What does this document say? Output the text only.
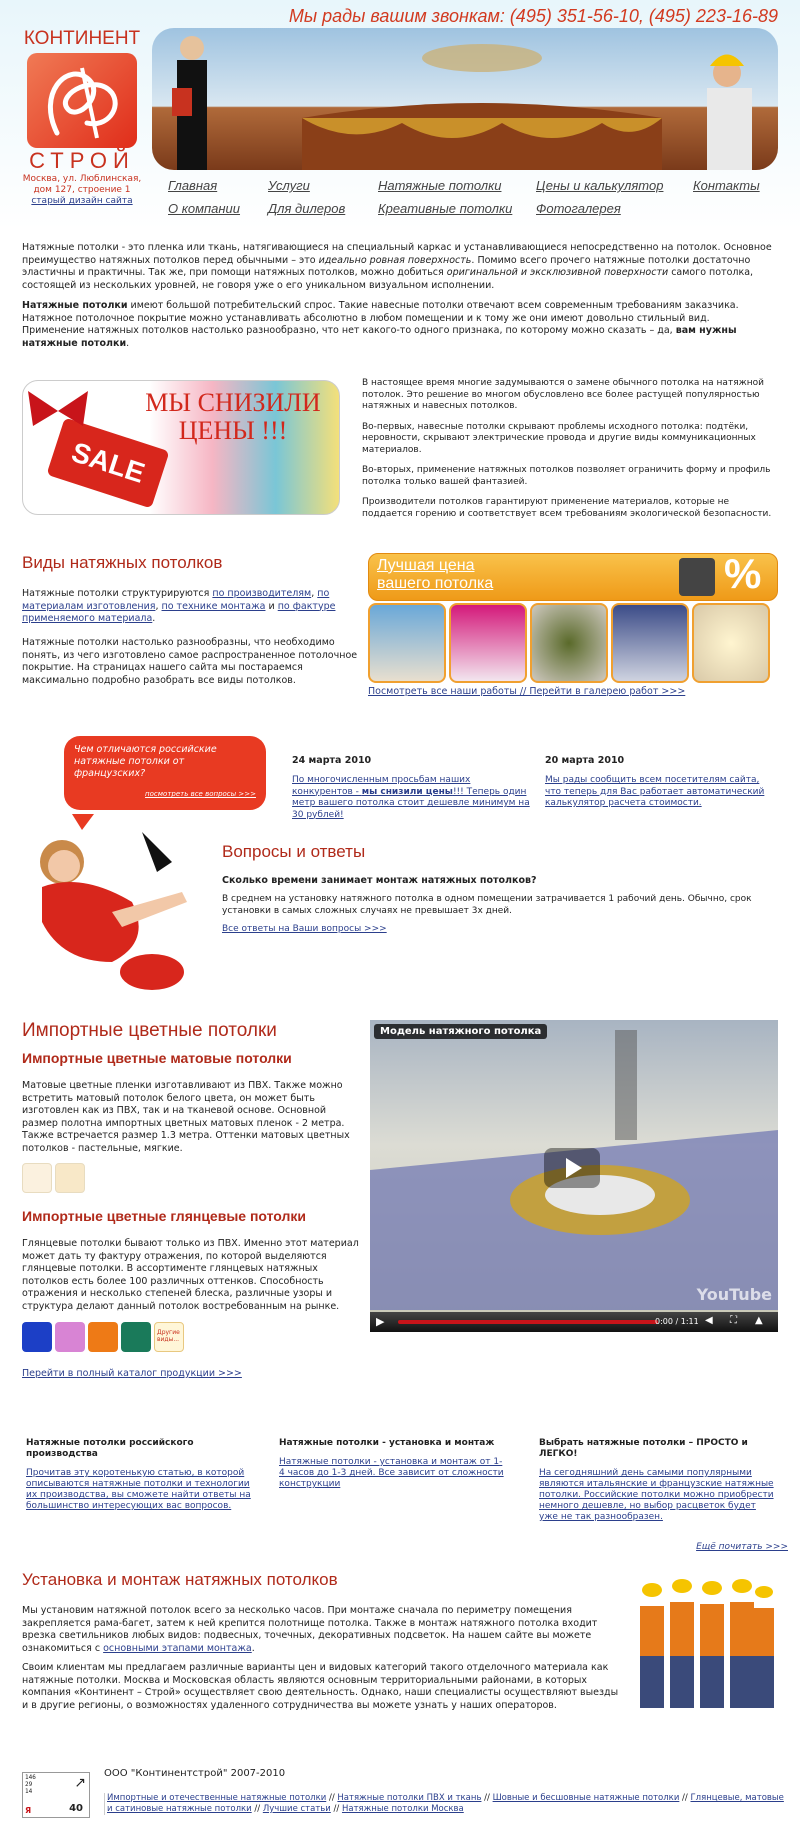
Мы рады вашим звонкам: (495) 351-56-10, (495) 223-16-89
КОНТИНЕНТ
СТРОЙ
Москва, ул. Люблинская,
дом 127, строение 1
старый дизайн сайта
Главная	Услуги	Натяжные потолки	Цены и калькулятор Контакты
О компании Для дилеров	Креативные потолки Фотогалерея
Натяжные потолки - это пленка или ткань, натягивающиеся на специальный каркас и устанавливающиеся непосредственно на потолок. Основное преимущество натяжных потолков перед обычными – это идеально ровная поверхность. Помимо всего прочего натяжные потолки достаточно эластичны и практичны. Так же, при помощи натяжных потолков, можно добиться оригинальной и эксклюзивной поверхности самого потолка, состоящей из нескольких уровней, не говоря уже о его уникальном визуальном исполнении.
Натяжные потолки имеют большой потребительский спрос. Такие навесные потолки отвечают всем современным требованиям заказчика. Натяжное потолочное покрытие можно устанавливать абсолютно в любом помещении и к тому же они имеют довольно стильный вид.
Применение натяжных потолков настолько разнообразно, что нет какого-то одного признака, по которому можно сказать – да, вам нужны натяжные потолки.
МЫ СНИЗИЛИ
ЦЕНЫ !!!
SALE

В настоящее время многие задумываются о замене обычного потолка на натяжной потолок. Это решение во многом обусловлено все более растущей популярностью натяжных и навесных потолков.

Во-первых, навесные потолки скрывают проблемы исходного потолка: подтёки, неровности, скрывают электрические провода и другие виды коммуникационных материалов.

Во-вторых, применение натяжных потолков позволяет ограничить форму и профиль потолка только вашей фантазией.

Производители потолков гарантируют применение материалов, которые не поддается горению и соответствует всем требованиям экологической безопасности.

Виды натяжных потолков
Натяжные потолки структурируются по производителям, по материалам изготовления, по технике монтажа и по фактуре применяемого материала.
Натяжные потолки настолько разнообразны, что необходимо понять, из чего изготовлено самое распространенное потолочное покрытие. На страницах нашего сайта мы постараемся максимально подробно разобрать все виды потолков.
Лучшая цена
вашего потолка	%
Посмотреть все наши работы // Перейти в галерею работ >>>
Чем отличаются российские натяжные потолки от французских?
посмотреть все вопросы >>>
24 марта 2010
По многочисленным просьбам наших конкурентов - мы снизили цены!!! Теперь один метр вашего потолка стоит дешевле минимум на 30 рублей!
20 марта 2010
Мы рады сообщить всем посетителям сайта, что теперь для Вас работает автоматический калькулятор расчета стоимости.
Вопросы и ответы
Сколько времени занимает монтаж натяжных потолков?
В среднем на установку натяжного потолка в одном помещении затрачивается 1 рабочий день. Обычно, срок установки в самых сложных случаях не превышает 3х дней.
Все ответы на Ваши вопросы >>>
Импортные цветные потолки
Импортные цветные матовые потолки
Матовые цветные пленки изготавливают из ПВХ. Также можно встретить матовый потолок белого цвета, он может быть изготовлен как из ПВХ, так и на тканевой основе. Основной размер полотна импортных цветных матовых пленок - 2 метра. Также встречается размер 1.3 метра. Оттенки матовых цветных потолков - пастельные, мягкие.
Импортные цветные глянцевые потолки
Глянцевые потолки бывают только из ПВХ. Именно этот материал может дать ту фактуру отражения, по которой выделяются глянцевые потолки. В ассортименте глянцевых натяжных потолков есть более 100 различных оттенков. Способность отражения и несколько степеней блеска, различные узоры и структура делают данный потолок востребованным на рынке.
Другие виды...
Перейти в полный каталог продукции >>>
Модель натяжного потолка
YouTube
▶	0:00 / 1:11 ◀ ⛶ ▲
Натяжные потолки российского производства
Прочитав эту коротенькую статью, в которой описываются натяжные потолки и технологии их производства, вы сможете найти ответы на большинство интересующих вас вопросов.
Натяжные потолки - установка и монтаж
Натяжные потолки - установка и монтаж от 1-4 часов до 1-3 дней. Все зависит от сложности конструкции
Выбрать натяжные потолки – ПРОСТО и ЛЕГКО!
На сегодняшний день самыми популярными являются итальянские и французские натяжные потолки. Российские потолки можно приобрести немного дешевле, но выбор расцветок будет уже не так разнообразен.
Ещё почитать >>>
Установка и монтаж натяжных потолков
Мы установим натяжной потолок всего за несколько часов. При монтаже сначала по периметру помещения закрепляется рама-багет, затем к ней крепится полотнище потолка. Также в монтаж натяжного потолка входит врезка светильников любых видов: подвесных, точечных, декоративных подсветок. На нашем сайте вы можете ознакомиться с основными этапами монтажа.
Своим клиентам мы предлагаем различные варианты цен и видовых категорий такого отделочного материала как натяжные потолки. Москва и Московская область являются основным территориальными районами, в которых компания «Континент – Строй» осуществляет свою деятельность. Однако, наши специалисты осуществляют выезды и в другие регионы, о возможностях удаленного сотрудничества вы можете узнать у наших операторов.
146
29
14
↗
Я	40
ООО "Континентстрой" 2007-2010
Импортные и отечественные натяжные потолки // Натяжные потолки ПВХ и ткань // Шовные и бесшовные натяжные потолки // Глянцевые, матовые и сатиновые натяжные потолки // Лучшие статьи // Натяжные потолки Москва
